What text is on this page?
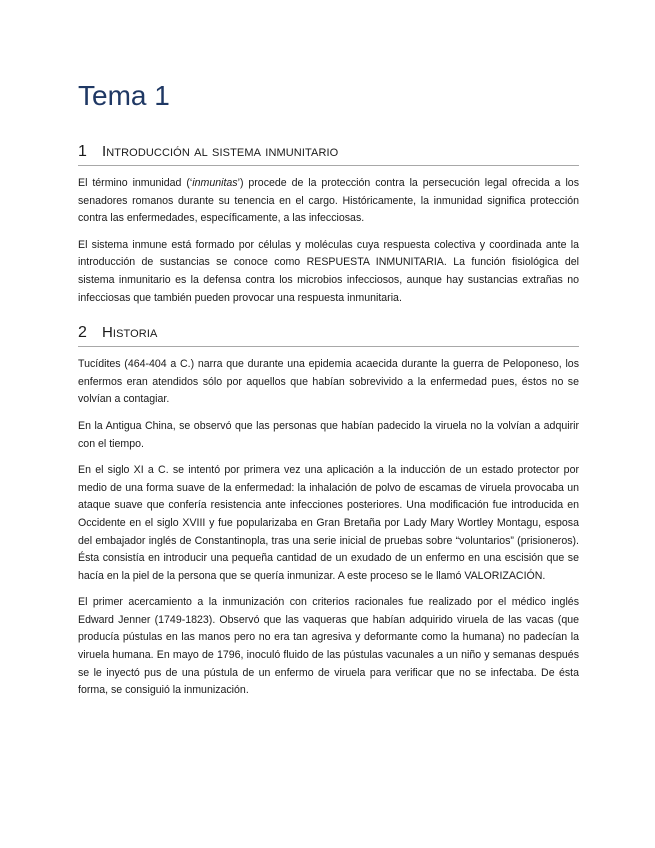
Tema 1
1	Introducción al sistema inmunitario

El término inmunidad (‘inmunitas’) procede de la protección contra la persecución legal ofrecida a los senadores romanos durante su tenencia en el cargo. Históricamente, la inmunidad significa protección contra las enfermedades, específicamente, a las infecciosas.

El sistema inmune está formado por células y moléculas cuya respuesta colectiva y coordinada ante la introducción de sustancias se conoce como RESPUESTA INMUNITARIA. La función fisiológica del sistema inmunitario es la defensa contra los microbios infecciosos, aunque hay sustancias extrañas no infecciosas que también pueden provocar una respuesta inmunitaria.

2	Historia

Tucídites (464-404 a C.) narra que durante una epidemia acaecida durante la guerra de Peloponeso, los enfermos eran atendidos sólo por aquellos que habían sobrevivido a la enfermedad pues, éstos no se volvían a contagiar.

En la Antigua China, se observó que las personas que habían padecido la viruela no la volvían a adquirir con el tiempo.

En el siglo XI a C. se intentó por primera vez una aplicación a la inducción de un estado protector por medio de una forma suave de la enfermedad: la inhalación de polvo de escamas de viruela provocaba un ataque suave que confería resistencia ante infecciones posteriores. Una modificación fue introducida en Occidente en el siglo XVIII y fue popularizaba en Gran Bretaña por Lady Mary Wortley Montagu, esposa del embajador inglés de Constantinopla, tras una serie inicial de pruebas sobre “voluntarios” (prisioneros). Ésta consistía en introducir una pequeña cantidad de un exudado de un enfermo en una escisión que se hacía en la piel de la persona que se quería inmunizar. A este proceso se le llamó VALORIZACIÓN.

El primer acercamiento a la inmunización con criterios racionales fue realizado por el médico inglés Edward Jenner (1749-1823). Observó que las vaqueras que habían adquirido viruela de las vacas (que producía pústulas en las manos pero no era tan agresiva y deformante como la humana) no padecían la viruela humana. En mayo de 1796, inoculó fluido de las pústulas vacunales a un niño y semanas después se le inyectó pus de una pústula de un enfermo de viruela para verificar que no se infectaba. De ésta forma, se consiguió la inmunización.
